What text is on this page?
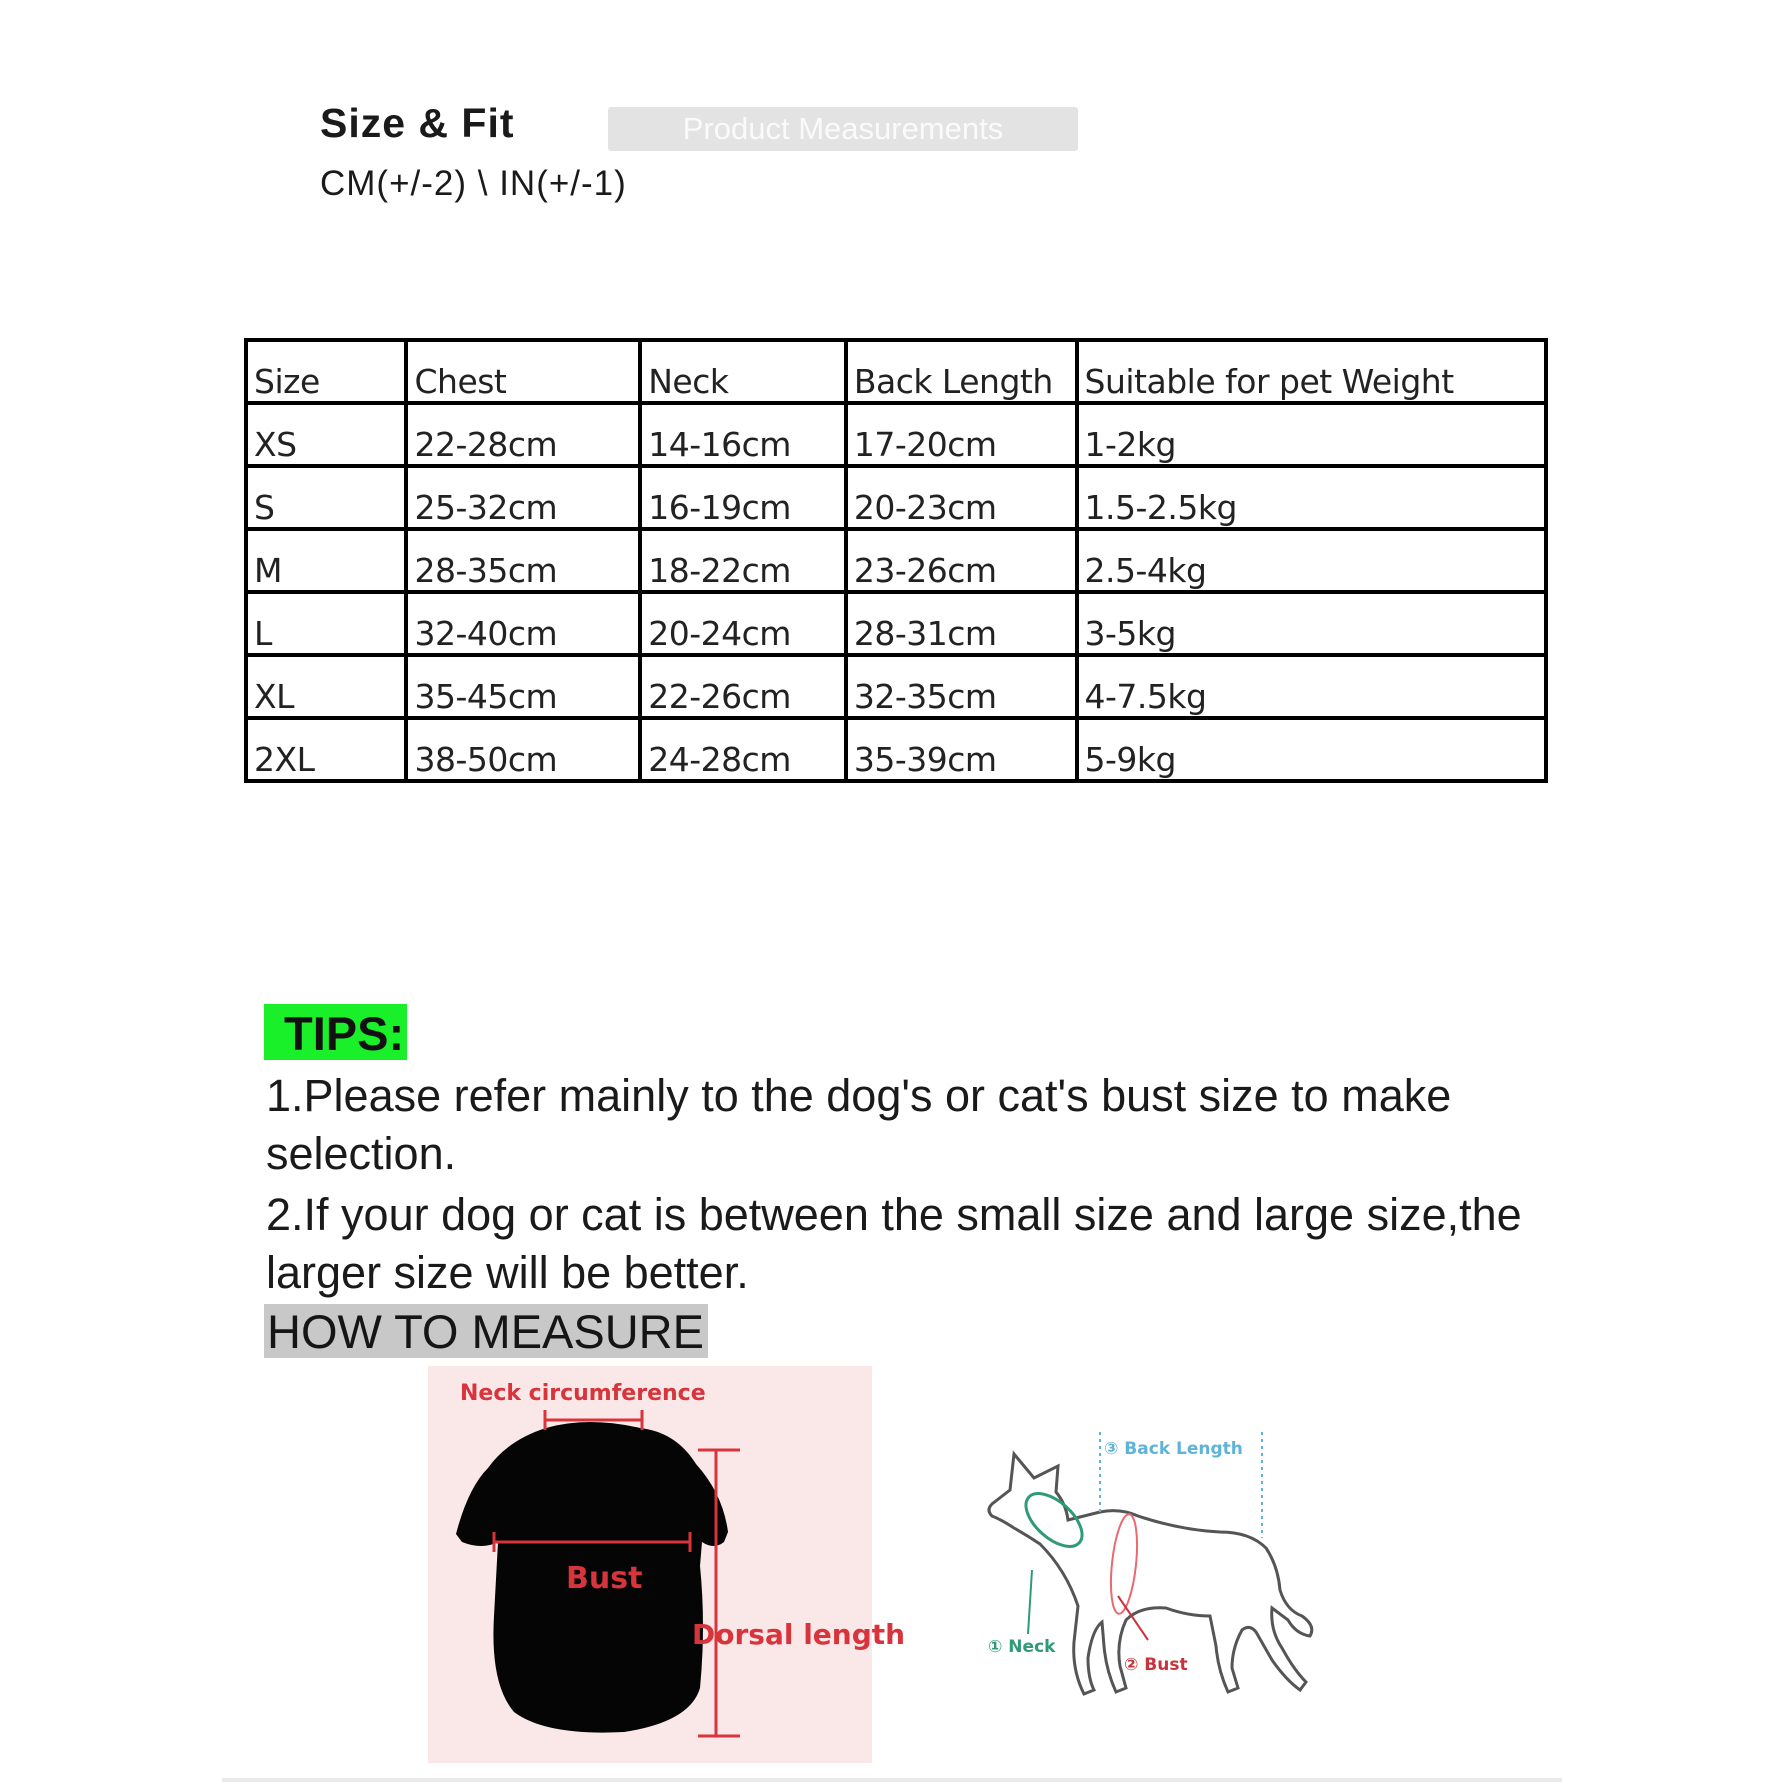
Size & Fit	Product Measurements
CM(+/-2) \ IN(+/-1)
Size	Chest	Neck	Back Length	Suitable for pet Weight

XS	22-28cm	14-16cm	17-20cm	1-2kg

S	25-32cm	16-19cm	20-23cm	1.5-2.5kg

M	28-35cm	18-22cm	23-26cm	2.5-4kg

L	32-40cm	20-24cm	28-31cm	3-5kg

XL	35-45cm	22-26cm	32-35cm	4-7.5kg

2XL	38-50cm	24-28cm	35-39cm	5-9kg
TIPS:
1.Please refer mainly to the dog's or cat's bust size to make selection.
2.If your dog or cat is between the small size and large size,the larger size will be better.
HOW TO MEASURE
Neck circumference
Bust
Dorsal length
③ Back Length
① Neck
② Bust
